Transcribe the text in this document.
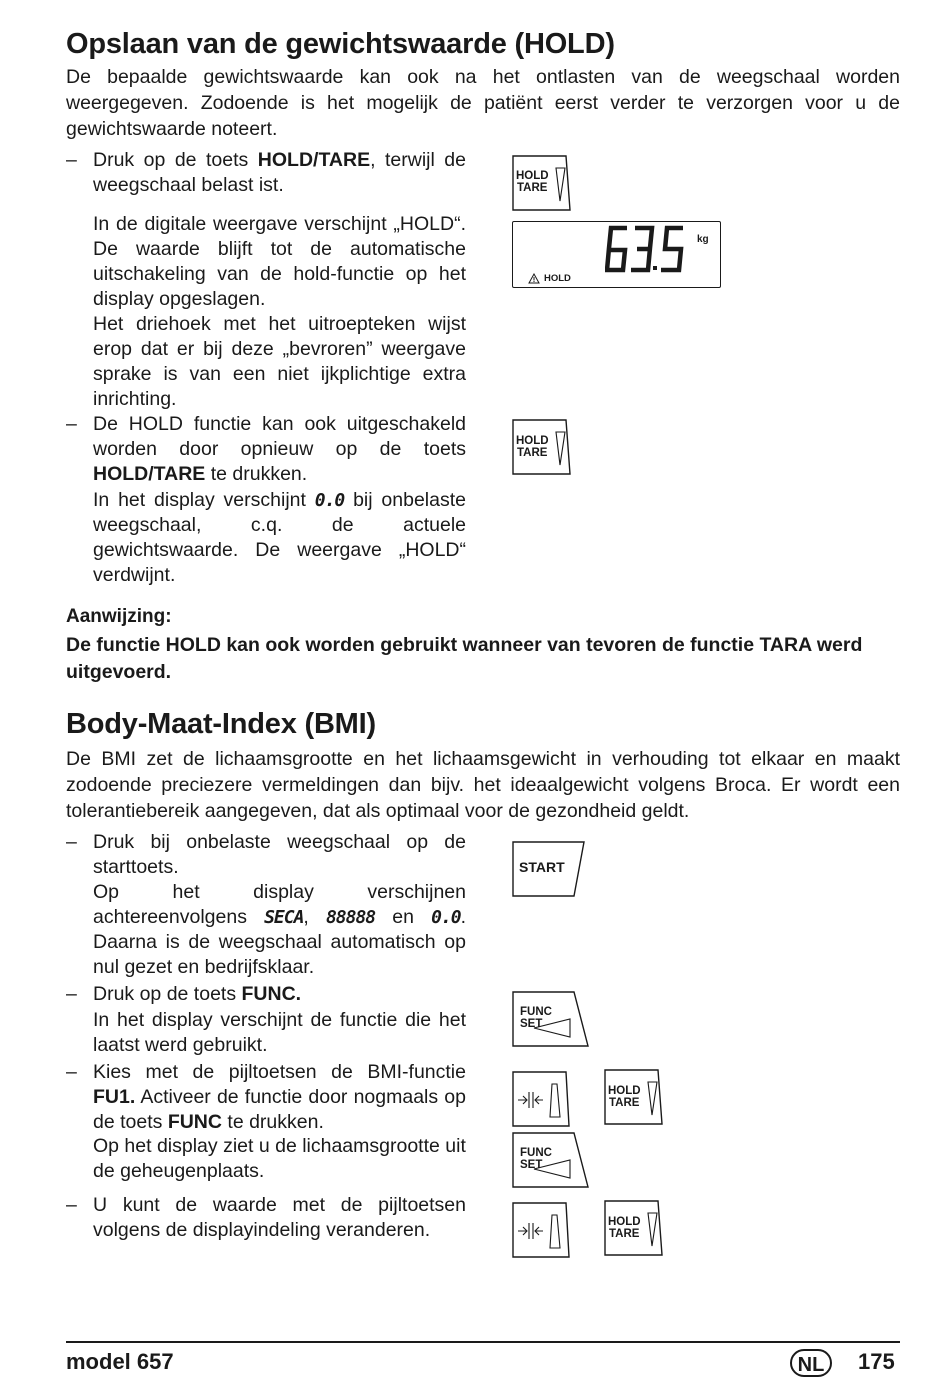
Opslaan van de gewichtswaarde (HOLD)
De bepaalde gewichtswaarde kan ook na het ontlasten van de weegschaal worden weergegeven. Zodoende is het mogelijk de patiënt eerst verder te verzorgen voor u de gewichtswaarde noteert.
– Druk op de toets HOLD/TARE, terwijl de weegschaal belast ist.

In de digitale weergave verschijnt „HOLD“. De waarde blijft tot de automatische uitschakeling van de hold-functie op het display opgeslagen.

Het driehoek met het uitroepteken wijst erop dat er bij deze „bevroren” weergave sprake is van een niet ijkplichtige extra inrichting.

– De HOLD functie kan ook uitgeschakeld worden door opnieuw op de toets HOLD/TARE te drukken.

In het display verschijnt 0.0 bij onbelaste weegschaal, c.q. de actuele gewichtswaarde. De weergave „HOLD“ verdwijnt.

HOLD
TARE
kg
HOLD
HOLD
TARE
Aanwijzing:
De functie HOLD kan ook worden gebruikt wanneer van tevoren de functie TARA werd uitgevoerd.
Body-Maat-Index (BMI)
De BMI zet de lichaamsgrootte en het lichaamsgewicht in verhouding tot elkaar en maakt zodoende preciezere vermeldingen dan bijv. het ideaalgewicht volgens Broca. Er wordt een tolerantiebereik aangegeven, dat als optimaal voor de gezondheid geldt.
– Druk bij onbelaste weegschaal op de starttoets.

Op het display verschijnen achtereenvolgens SECA, 88888 en 0.0. Daarna is de weegschaal automatisch op nul gezet en bedrijfsklaar.

– Druk op de toets FUNC.

In het display verschijnt de functie die het laatst werd gebruikt.

– Kies met de pijltoetsen de BMI-functie FU1. Activeer de functie door nogmaals op de toets FUNC te drukken.

Op het display ziet u de lichaamsgrootte uit de geheugenplaats.

– U kunt de waarde met de pijltoetsen volgens de displayindeling veranderen.

START
FUNC
SET
HOLD
TARE
FUNC
SET
HOLD
TARE
model 657	NL	175
